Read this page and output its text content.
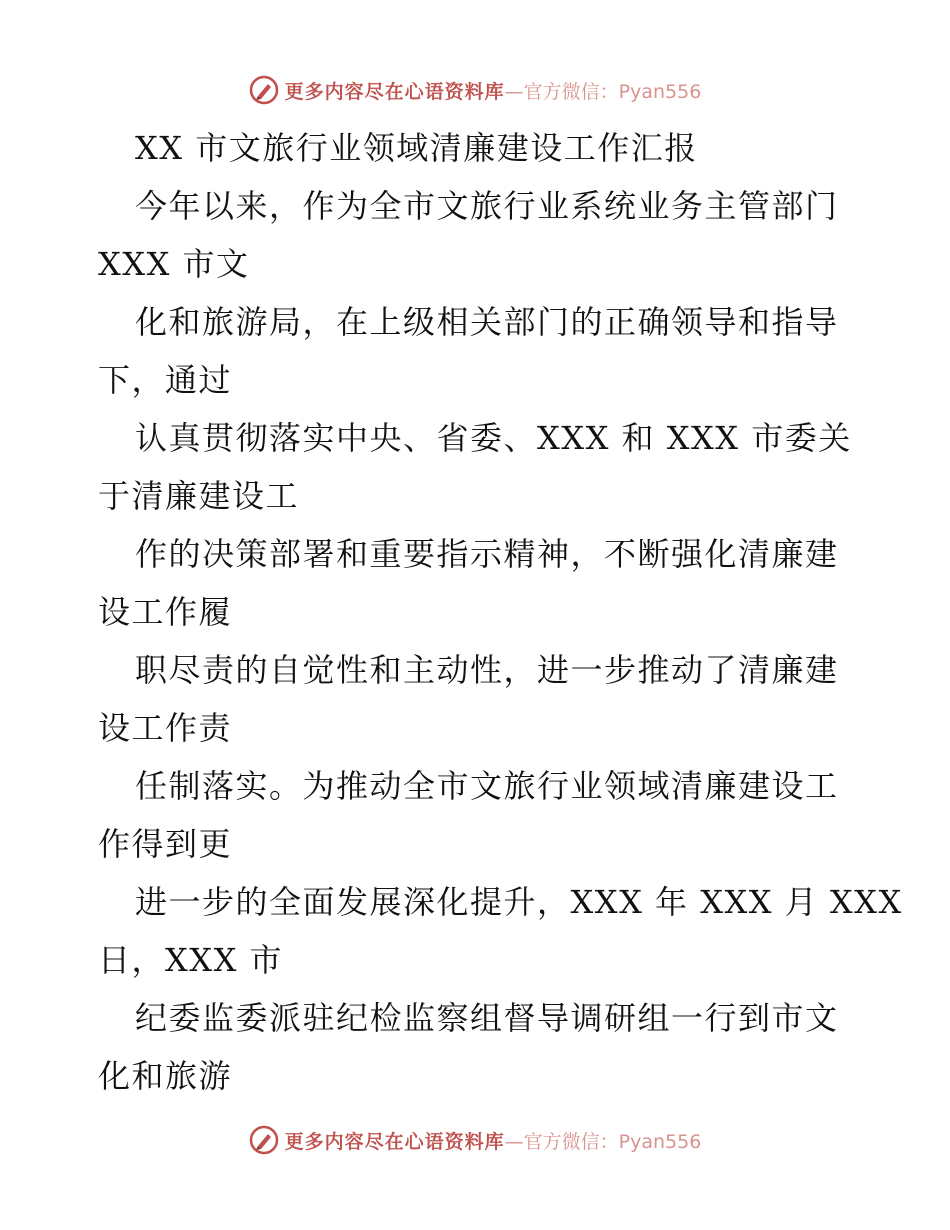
更多内容尽在心语资料库 —官方微信：Pyan556
XX 市文旅行业领域清廉建设工作汇报
今年以来，作为全市文旅行业系统业务主管部门
XXX 市文
化和旅游局，在上级相关部门的正确领导和指导
下，通过
认真贯彻落实中央、省委、XXX 和 XXX 市委关
于清廉建设工
作的决策部署和重要指示精神，不断强化清廉建
设工作履
职尽责的自觉性和主动性，进一步推动了清廉建
设工作责
任制落实。为推动全市文旅行业领域清廉建设工
作得到更
进一步的全面发展深化提升，XXX 年 XXX 月 XXX
日，XXX 市
纪委监委派驻纪检监察组督导调研组一行到市文
化和旅游
更多内容尽在心语资料库 —官方微信：Pyan556
